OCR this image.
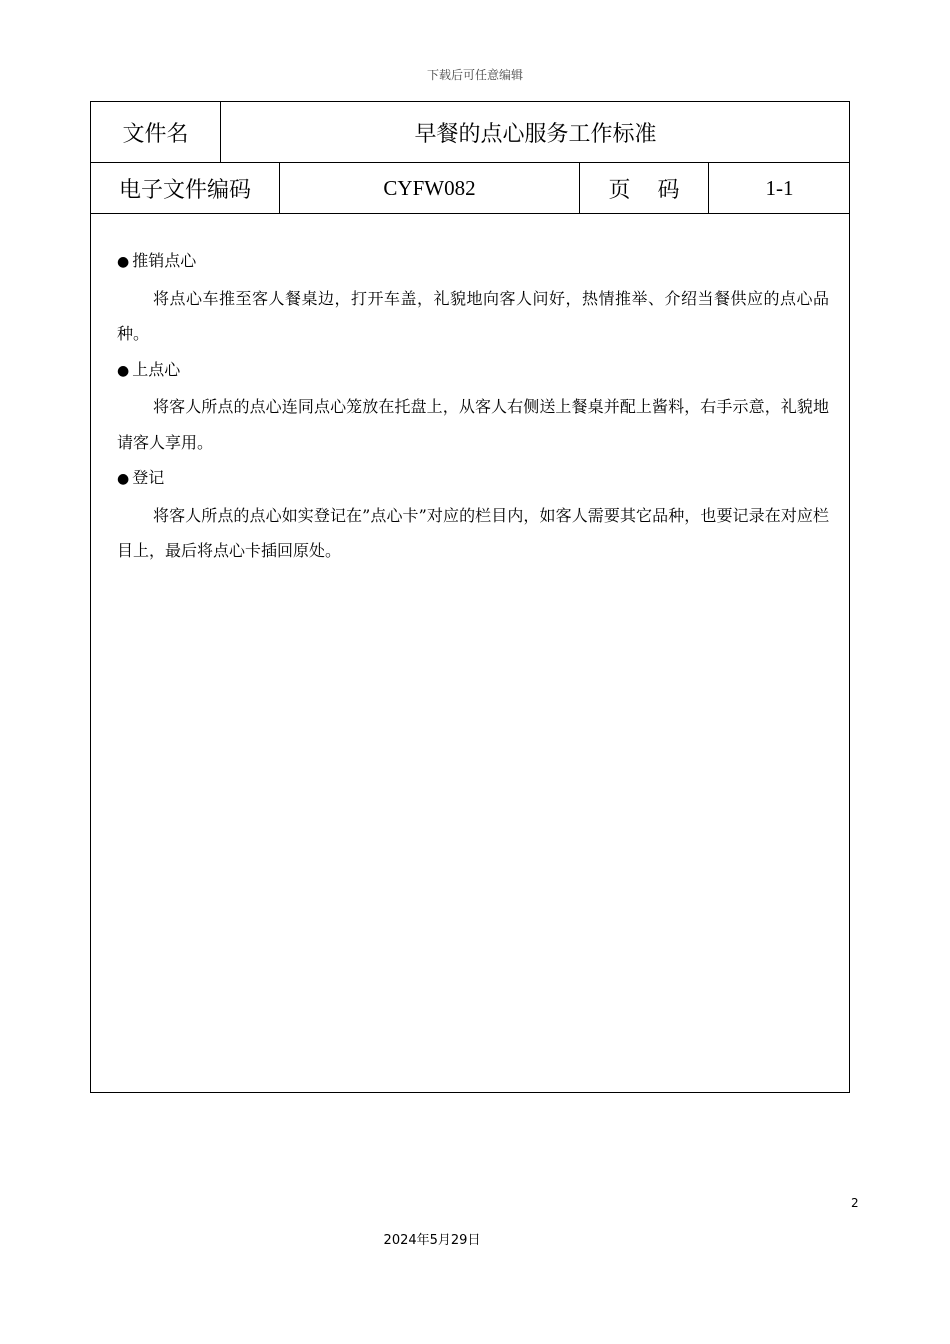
下载后可任意编辑
文件名	早餐的点心服务工作标准
电子文件编码	CYFW082	页 码	1-1

● 推销点心

将点心车推至客人餐桌边，打开车盖，礼貌地向客人问好，热情推举、介绍当餐供应的点心品种。

● 上点心

将客人所点的点心连同点心笼放在托盘上，从客人右侧送上餐桌并配上酱料，右手示意，礼貌地请客人享用。

● 登记

将客人所点的点心如实登记在”点心卡”对应的栏目内，如客人需要其它品种，也要记录在对应栏目上，最后将点心卡插回原处。

2
2024年5月29日
